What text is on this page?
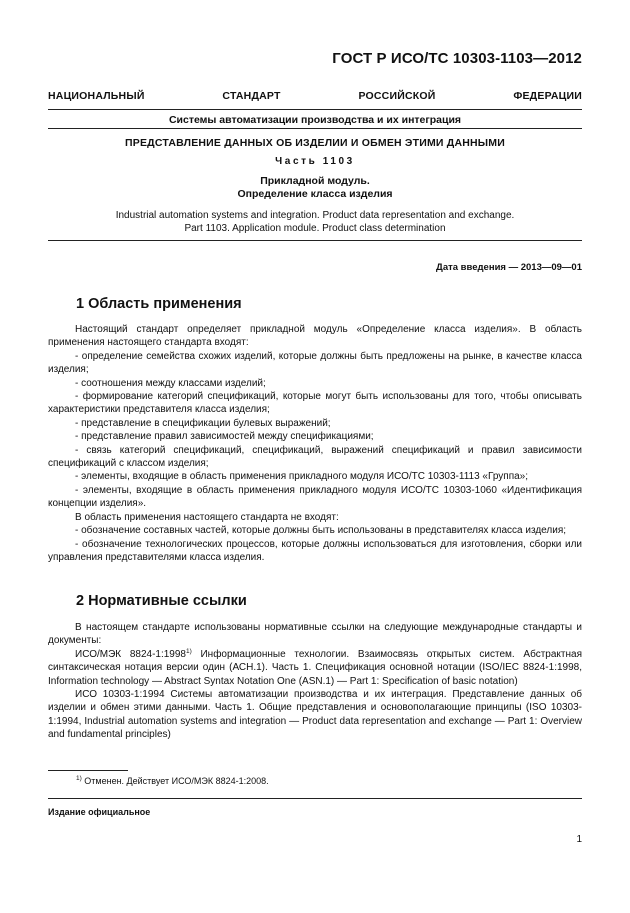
ГОСТ Р ИСО/ТС 10303-1103—2012
НАЦИОНАЛЬНЫЙ СТАНДАРТ РОССИЙСКОЙ ФЕДЕРАЦИИ
Системы автоматизации производства и их интеграция
ПРЕДСТАВЛЕНИЕ ДАННЫХ ОБ ИЗДЕЛИИ И ОБМЕН ЭТИМИ ДАННЫМИ
Часть 1103
Прикладной модуль.
Определение класса изделия
Industrial automation systems and integration. Product data representation and exchange.
Part 1103. Application module. Product class determination
Дата введения — 2013—09—01
1 Область применения

Настоящий стандарт определяет прикладной модуль «Определение класса изделия». В область применения настоящего стандарта входят:

- определение семейства схожих изделий, которые должны быть предложены на рынке, в качестве класса изделия;

- соотношения между классами изделий;

- формирование категорий спецификаций, которые могут быть использованы для того, чтобы описывать характеристики представителя класса изделия;

- представление в спецификации булевых выражений;

- представление правил зависимостей между спецификациями;

- связь категорий спецификаций, спецификаций, выражений спецификаций и правил зависимости спецификаций с классом изделия;

- элементы, входящие в область применения прикладного модуля ИСО/ТС 10303-1113 «Группа»;

- элементы, входящие в область применения прикладного модуля ИСО/ТС 10303-1060 «Идентификация концепции изделия».

В область применения настоящего стандарта не входят:

- обозначение составных частей, которые должны быть использованы в представителях класса изделия;

- обозначение технологических процессов, которые должны использоваться для изготовления, сборки или управления представителями класса изделия.

2 Нормативные ссылки

В настоящем стандарте использованы нормативные ссылки на следующие международные стандарты и документы:

ИСО/МЭК 8824-1:1998$^{1)}$ Информационные технологии. Взаимосвязь открытых систем. Абстрактная синтаксическая нотация версии один (АСН.1). Часть 1. Спецификация основной нотации (ISO/IEC 8824-1:1998, Information technology — Abstract Syntax Notation One (ASN.1) — Part 1: Specification of basic notation)

ИСО 10303-1:1994 Системы автоматизации производства и их интеграция. Представление данных об изделии и обмен этими данными. Часть 1. Общие представления и основополагающие принципы (ISO 10303-1:1994, Industrial automation systems and integration — Product data representation and exchange — Part 1: Overview and fundamental principles)

$^{1)}$ Отменен. Действует ИСО/МЭК 8824-1:2008.
Издание официальное
1
